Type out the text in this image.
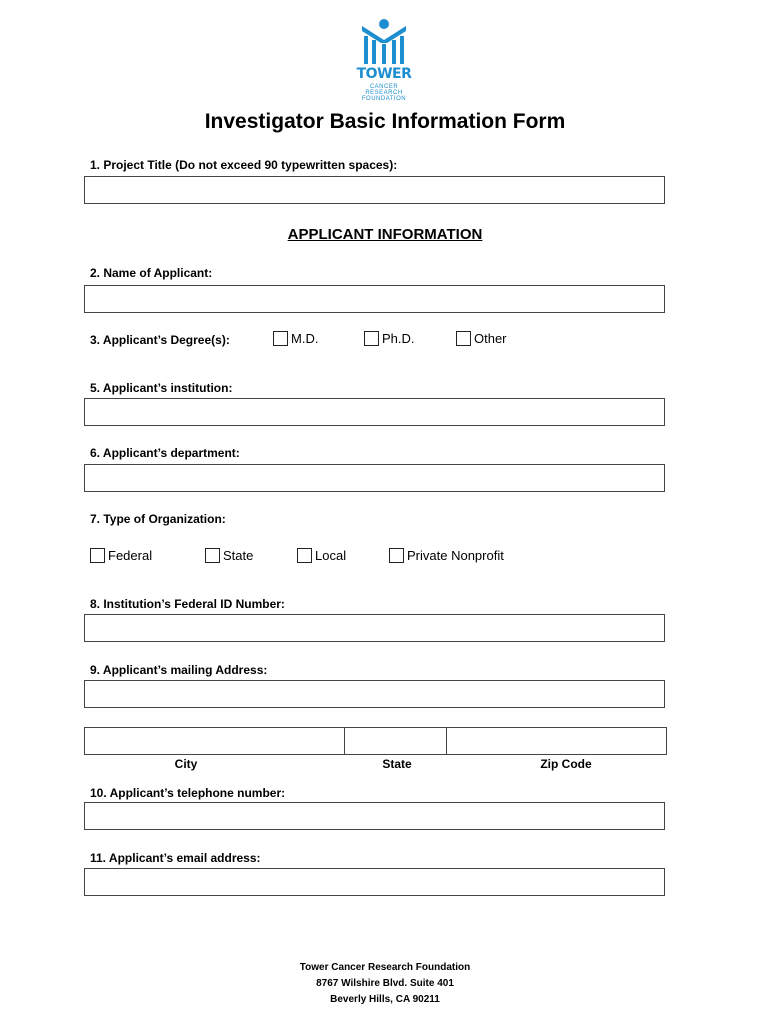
TOWER
CANCER RESEARCH
FOUNDATION
Investigator Basic Information Form
1. Project Title (Do not exceed 90 typewritten spaces):
APPLICANT INFORMATION
2. Name of Applicant:
3. Applicant’s Degree(s):	M.D.	Ph.D.	Other
5. Applicant’s institution:
6. Applicant’s department:
7. Type of Organization:
Federal	State	Local	Private Nonprofit
8. Institution’s Federal ID Number:
9. Applicant’s mailing Address:
City	State	Zip Code
10. Applicant’s telephone number:
11. Applicant’s email address:
Tower Cancer Research Foundation
8767 Wilshire Blvd. Suite 401
Beverly Hills, CA 90211
